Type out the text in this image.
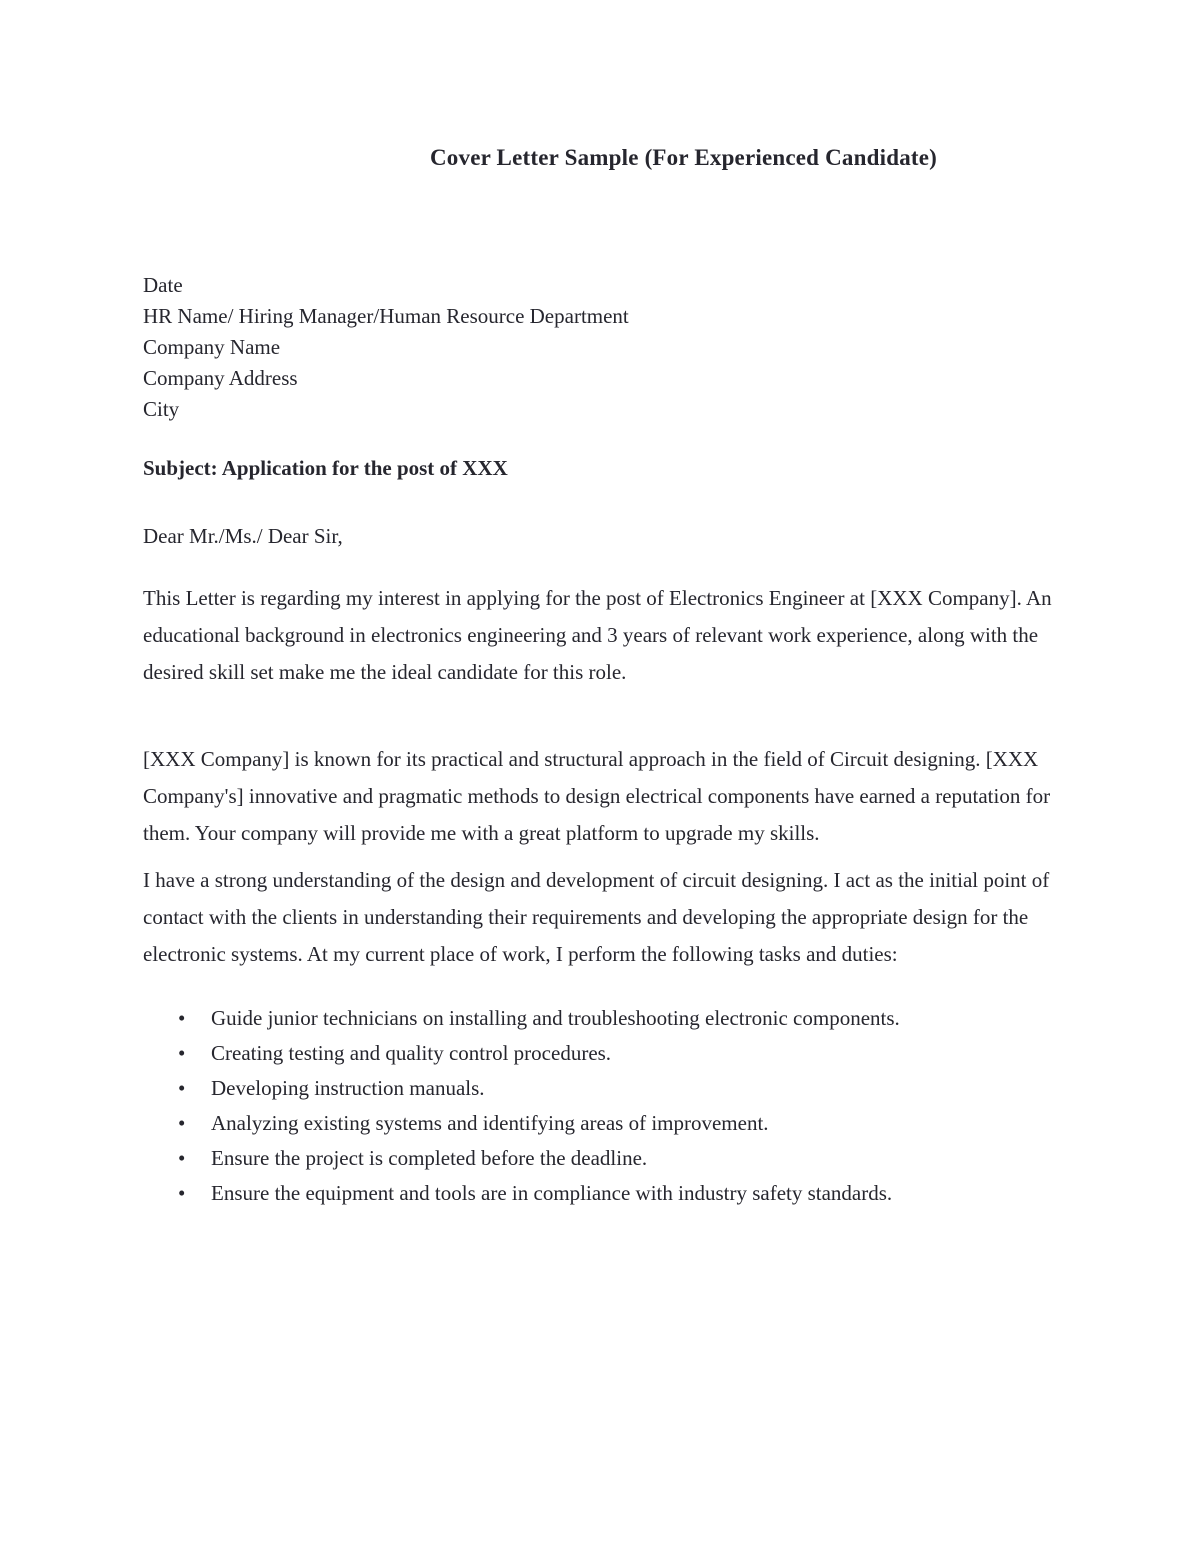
Cover Letter Sample (For Experienced Candidate)
Date
HR Name/ Hiring Manager/Human Resource Department
Company Name
Company Address
City

Subject: Application for the post of XXX

Dear Mr./Ms./ Dear Sir,

This Letter is regarding my interest in applying for the post of Electronics Engineer at [XXX Company]. An educational background in electronics engineering and 3 years of relevant work experience, along with the desired skill set make me the ideal candidate for this role.

[XXX Company] is known for its practical and structural approach in the field of Circuit designing. [XXX Company's] innovative and pragmatic methods to design electrical components have earned a reputation for them. Your company will provide me with a great platform to upgrade my skills.

I have a strong understanding of the design and development of circuit designing. I act as the initial point of contact with the clients in understanding their requirements and developing the appropriate design for the electronic systems. At my current place of work, I perform the following tasks and duties:

• Guide junior technicians on installing and troubleshooting electronic components.
• Creating testing and quality control procedures.
• Developing instruction manuals.
• Analyzing existing systems and identifying areas of improvement.
• Ensure the project is completed before the deadline.
• Ensure the equipment and tools are in compliance with industry safety standards.
